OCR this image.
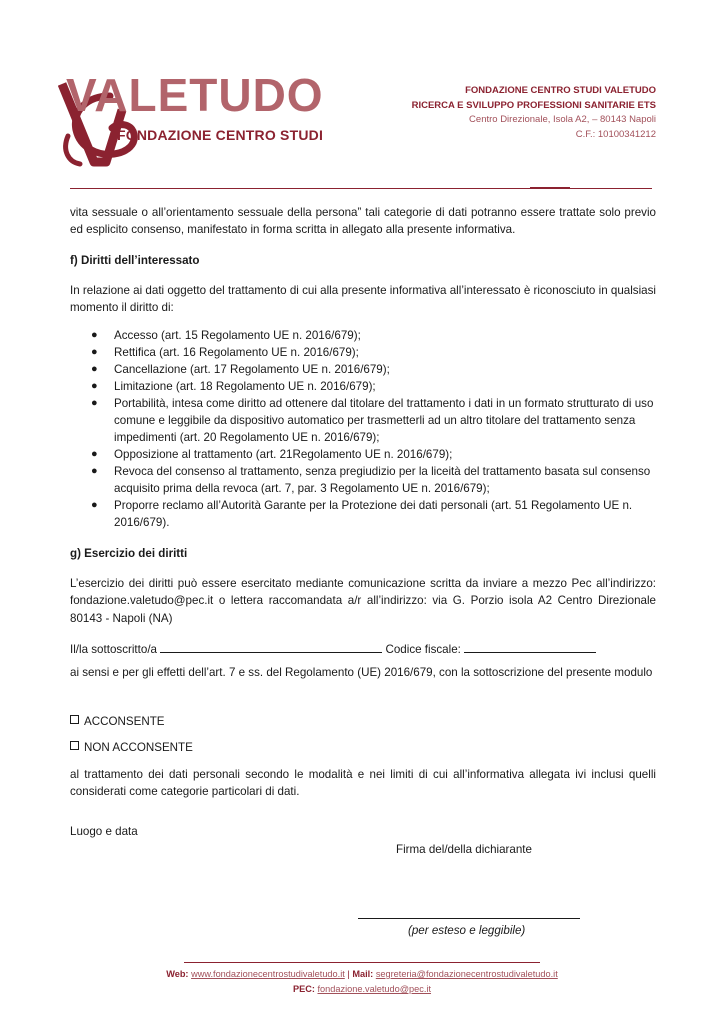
VALETUDO
FONDAZIONE CENTRO STUDI
FONDAZIONE CENTRO STUDI VALETUDO
RICERCA E SVILUPPO PROFESSIONI SANITARIE ETS
Centro Direzionale, Isola A2, – 80143 Napoli
C.F.: 10100341212
vita sessuale o all’orientamento sessuale della persona” tali categorie di dati potranno essere trattate solo previo ed esplicito consenso, manifestato in forma scritta in allegato alla presente informativa.
f) Diritti dell’interessato
In relazione ai dati oggetto del trattamento di cui alla presente informativa all’interessato è riconosciuto in qualsiasi momento il diritto di:
● Accesso (art. 15 Regolamento UE n. 2016/679);
● Rettifica (art. 16 Regolamento UE n. 2016/679);
● Cancellazione (art. 17 Regolamento UE n. 2016/679);
● Limitazione (art. 18 Regolamento UE n. 2016/679);
● Portabilità, intesa come diritto ad ottenere dal titolare del trattamento i dati in un formato strutturato di uso comune e leggibile da dispositivo automatico per trasmetterli ad un altro titolare del trattamento senza impedimenti (art. 20 Regolamento UE n. 2016/679);
● Opposizione al trattamento (art. 21Regolamento UE n. 2016/679);
● Revoca del consenso al trattamento, senza pregiudizio per la liceità del trattamento basata sul consenso acquisito prima della revoca (art. 7, par. 3 Regolamento UE n. 2016/679);
● Proporre reclamo all’Autorità Garante per la Protezione dei dati personali (art. 51 Regolamento UE n. 2016/679).
g) Esercizio dei diritti
L’esercizio dei diritti può essere esercitato mediante comunicazione scritta da inviare a mezzo Pec all’indirizzo: fondazione.valetudo@pec.it o lettera raccomandata a/r all’indirizzo: via G. Porzio isola A2 Centro Direzionale 80143 - Napoli (NA)
Il/la sottoscritto/a	Codice fiscale:
ai sensi e per gli effetti dell’art. 7 e ss. del Regolamento (UE) 2016/679, con la sottoscrizione del presente modulo
ACCONSENTE
NON ACCONSENTE
al trattamento dei dati personali secondo le modalità e nei limiti di cui all’informativa allegata ivi inclusi quelli considerati come categorie particolari di dati.
Luogo e data
Firma del/della dichiarante
(per esteso e leggibile)
Web: www.fondazionecentrostudivaletudo.it | Mail: segreteria@fondazionecentrostudivaletudo.it
PEC: fondazione.valetudo@pec.it
